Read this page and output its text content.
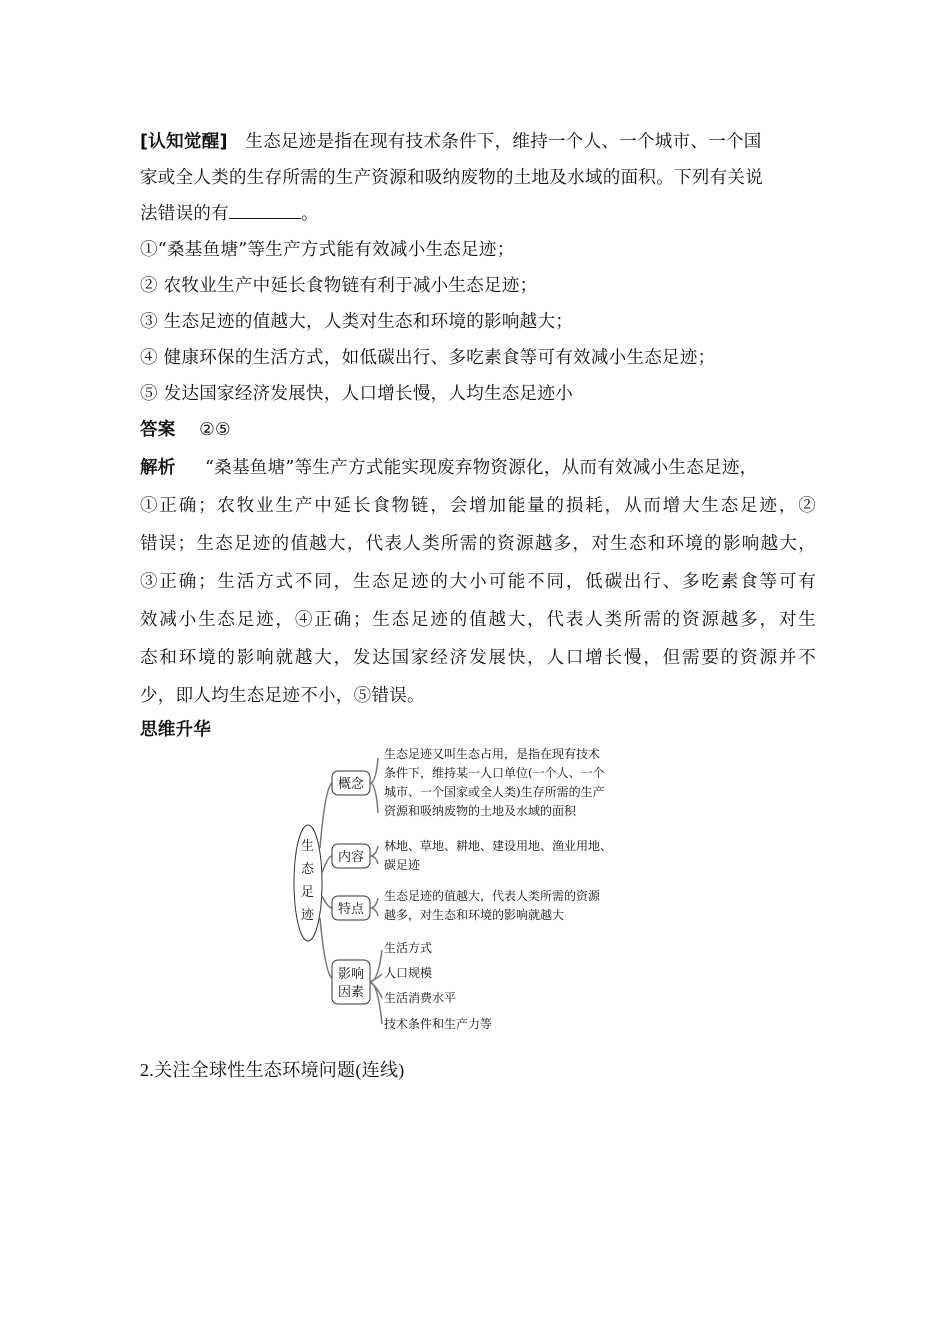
[认知觉醒] 生态足迹是指在现有技术条件下，维持一个人、一个城市、一个国
家或全人类的生存所需的生产资源和吸纳废物的土地及水域的面积。下列有关说
法错误的有	。
①“桑基鱼塘”等生产方式能有效减小生态足迹；
② 农牧业生产中延长食物链有利于减小生态足迹；
③ 生态足迹的值越大，人类对生态和环境的影响越大；
④ 健康环保的生活方式，如低碳出行、多吃素食等可有效减小生态足迹；
⑤ 发达国家经济发展快，人口增长慢，人均生态足迹小
答案 ②⑤
解析 “桑基鱼塘”等生产方式能实现废弃物资源化，从而有效减小生态足迹，
①正确；农牧业生产中延长食物链，会增加能量的损耗，从而增大生态足迹，②
错误；生态足迹的值越大，代表人类所需的资源越多，对生态和环境的影响越大，
③正确；生活方式不同，生态足迹的大小可能不同，低碳出行、多吃素食等可有
效减小生态足迹，④正确；生态足迹的值越大，代表人类所需的资源越多，对生
态和环境的影响就越大，发达国家经济发展快，人口增长慢，但需要的资源并不
少，即人均生态足迹不小，⑤错误。
思维升华
生
态
足
迹
概念
内容
特点
影响
因素
生态足迹又叫生态占用，是指在现有技术
条件下，维持某一人口单位(一个人、一个
城市、一个国家或全人类)生存所需的生产
资源和吸纳废物的土地及水域的面积
林地、草地、耕地、建设用地、渔业用地、
碳足迹
生态足迹的值越大，代表人类所需的资源
越多，对生态和环境的影响就越大
生活方式
人口规模
生活消费水平
技术条件和生产力等
2.关注全球性生态环境问题(连线)
